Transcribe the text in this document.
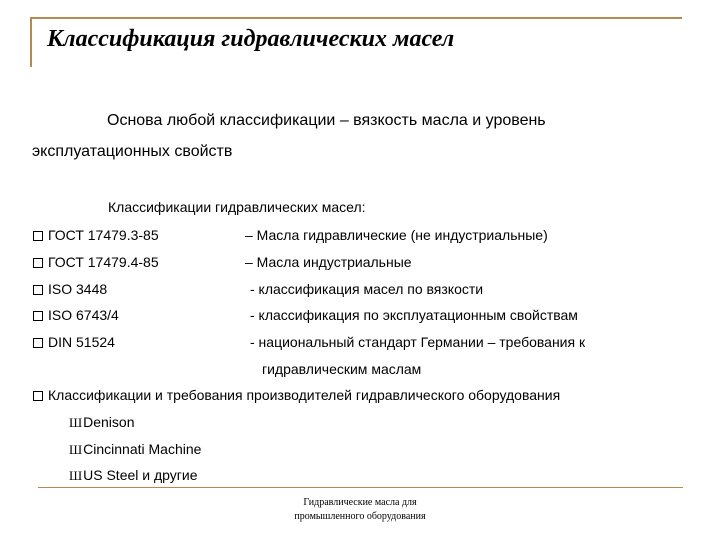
Классификация гидравлических масел
Основа любой классификации – вязкость масла и уровень
эксплуатационных свойств
Классификации гидравлических масел:
ГОСТ 17479.3-85	– Масла гидравлические (не индустриальные)
ГОСТ 17479.4-85	– Масла индустриальные
ISO 3448	- классификация масел по вязкости
ISO 6743/4	- классификация по эксплуатационным свойствам
DIN 51524	- национальный стандарт Германии – требования к
гидравлическим маслам
Классификации и требования производителей гидравлического оборудования
ШDenison
ШCincinnati Machine
ШUS Steel и другие
Гидравлические масла для
промышленного оборудования
